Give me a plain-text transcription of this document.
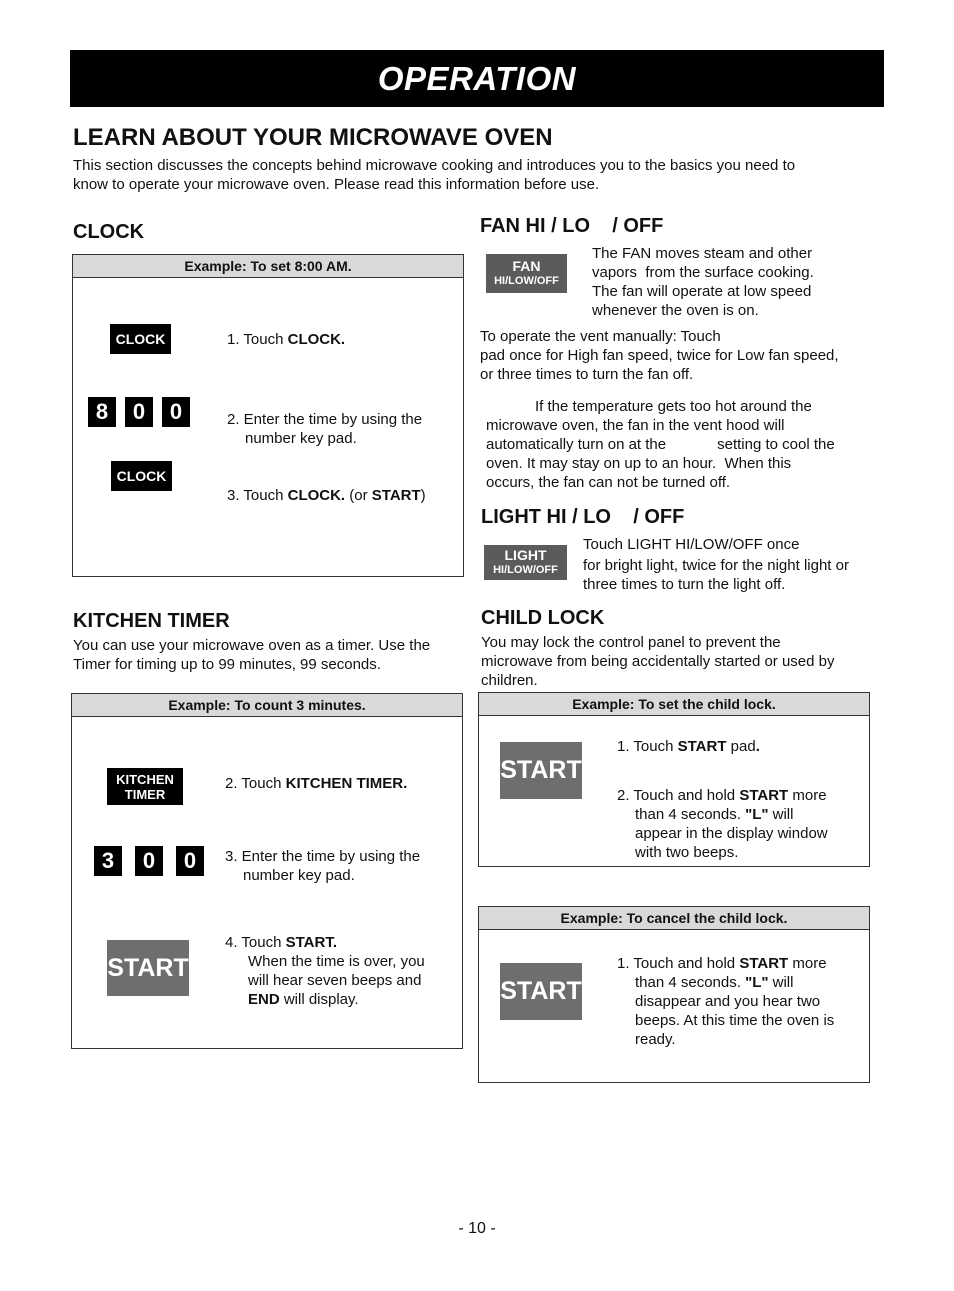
OPERATION
LEARN ABOUT YOUR MICROWAVE OVEN
This section discusses the concepts behind microwave cooking and introduces you to the basics you need to
know to operate your microwave oven. Please read this information before use.
CLOCK
Example: To set 8:00 AM.
CLOCK	1. Touch CLOCK.
8	0	0	2. Enter the time by using the
number key pad.
CLOCK
3. Touch CLOCK. (or START)
KITCHEN TIMER
You can use your microwave oven as a timer. Use the
Timer for timing up to 99 minutes, 99 seconds.
Example: To count 3 minutes.
KITCHEN
TIMER
2. Touch KITCHEN TIMER.
3	0	0	3. Enter the time by using the
number key pad.
START
4. Touch START.
When the time is over, you
will hear seven beeps and
END will display.
FAN HI / LO    / OFF
FAN
HI/LOW/OFF
The FAN moves steam and other
vapors  from the surface cooking.
The fan will operate at low speed
whenever the oven is on.
To operate the vent manually: Touch
pad once for High fan speed, twice for Low fan speed,
or three times to turn the fan off.
If the temperature gets too hot around the
microwave oven, the fan in the vent hood will
automatically turn on at the	setting to cool the
oven. It may stay on up to an hour.  When this
occurs, the fan can not be turned off.
LIGHT HI / LO    / OFF
LIGHT
HI/LOW/OFF
Touch LIGHT HI/LOW/OFF once
for bright light, twice for the night light or
three times to turn the light off.
CHILD LOCK
You may lock the control panel to prevent the
microwave from being accidentally started or used by
children.
Example: To set the child lock.
START
1. Touch START pad.
2. Touch and hold START more
than 4 seconds. "L" will
appear in the display window
with two beeps.
Example: To cancel the child lock.
START
1. Touch and hold START more
than 4 seconds. "L" will
disappear and you hear two
beeps. At this time the oven is
ready.
- 10 -
